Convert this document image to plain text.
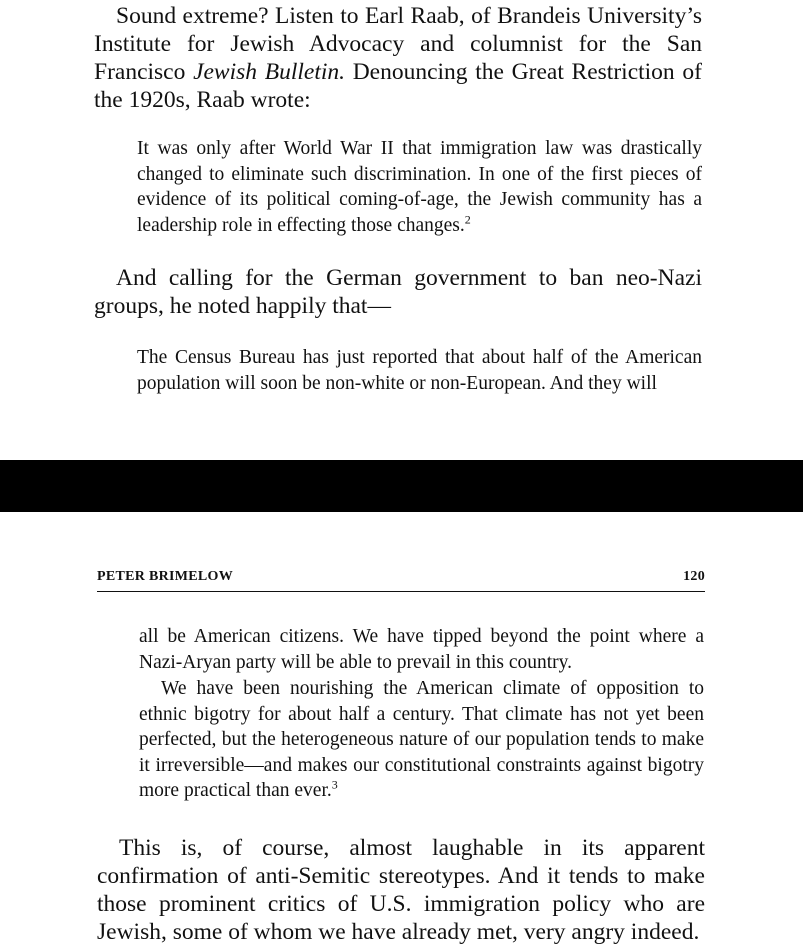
Sound extreme? Listen to Earl Raab, of Brandeis University’s Institute for Jewish Advocacy and columnist for the San Francisco Jewish Bulletin. Denouncing the Great Restriction of the 1920s, Raab wrote:

It was only after World War II that immigration law was drastically changed to eliminate such discrimination. In one of the first pieces of evidence of its political coming-of-age, the Jewish community has a leadership role in effecting those changes.$^2$

And calling for the German government to ban neo-Nazi groups, he noted happily that—

The Census Bureau has just reported that about half of the American population will soon be non-white or non-European. And they will

PETER BRIMELOW	120

all be American citizens. We have tipped beyond the point where a Nazi-Aryan party will be able to prevail in this country.

We have been nourishing the American climate of opposition to ethnic bigotry for about half a century. That climate has not yet been perfected, but the heterogeneous nature of our population tends to make it irreversible—and makes our constitutional constraints against bigotry more practical than ever.$^3$

This is, of course, almost laughable in its apparent confirmation of anti-Semitic stereotypes. And it tends to make those prominent critics of U.S. immigration policy who are Jewish, some of whom we have already met, very angry indeed.
